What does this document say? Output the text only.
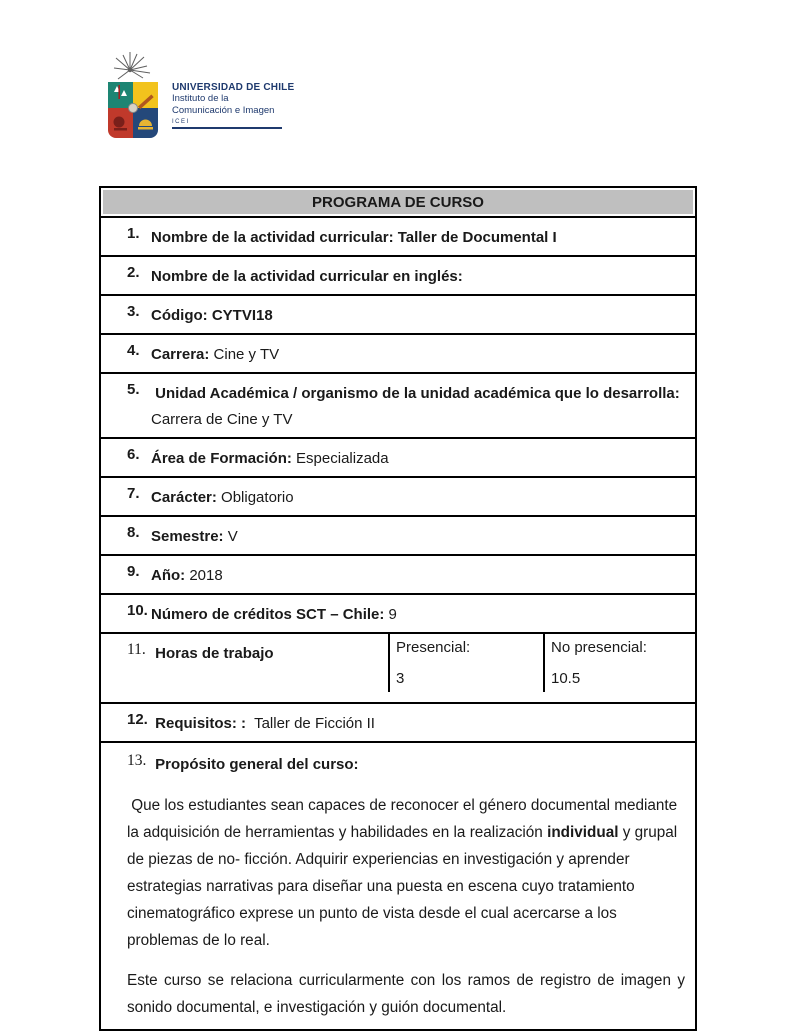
UNIVERSIDAD DE CHILE
Instituto de la
Comunicación e Imagen
ICEI
PROGRAMA DE CURSO
1. Nombre de la actividad curricular: Taller de Documental I
2. Nombre de la actividad curricular en inglés:
3. Código: CYTVI18
4. Carrera: Cine y TV
5. Unidad Académica / organismo de la unidad académica que lo desarrolla: Carrera de Cine y TV
6. Área de Formación: Especializada
7. Carácter: Obligatorio
8. Semestre: V
9. Año: 2018
10. Número de créditos SCT – Chile: 9
11. Horas de trabajo	Presencial:
3
No presencial:
10.5
12. Requisitos: :  Taller de Ficción II
13. Propósito general del curso:

Que los estudiantes sean capaces de reconocer el género documental mediante la adquisición de herramientas y habilidades en la realización individual y grupal de piezas de no- ficción. Adquirir experiencias en investigación y aprender estrategias narrativas para diseñar una puesta en escena cuyo tratamiento cinematográfico exprese un punto de vista desde el cual acercarse a los problemas de lo real.

Este curso se relaciona curricularmente con los ramos de registro de imagen y sonido documental, e investigación y guión documental.
